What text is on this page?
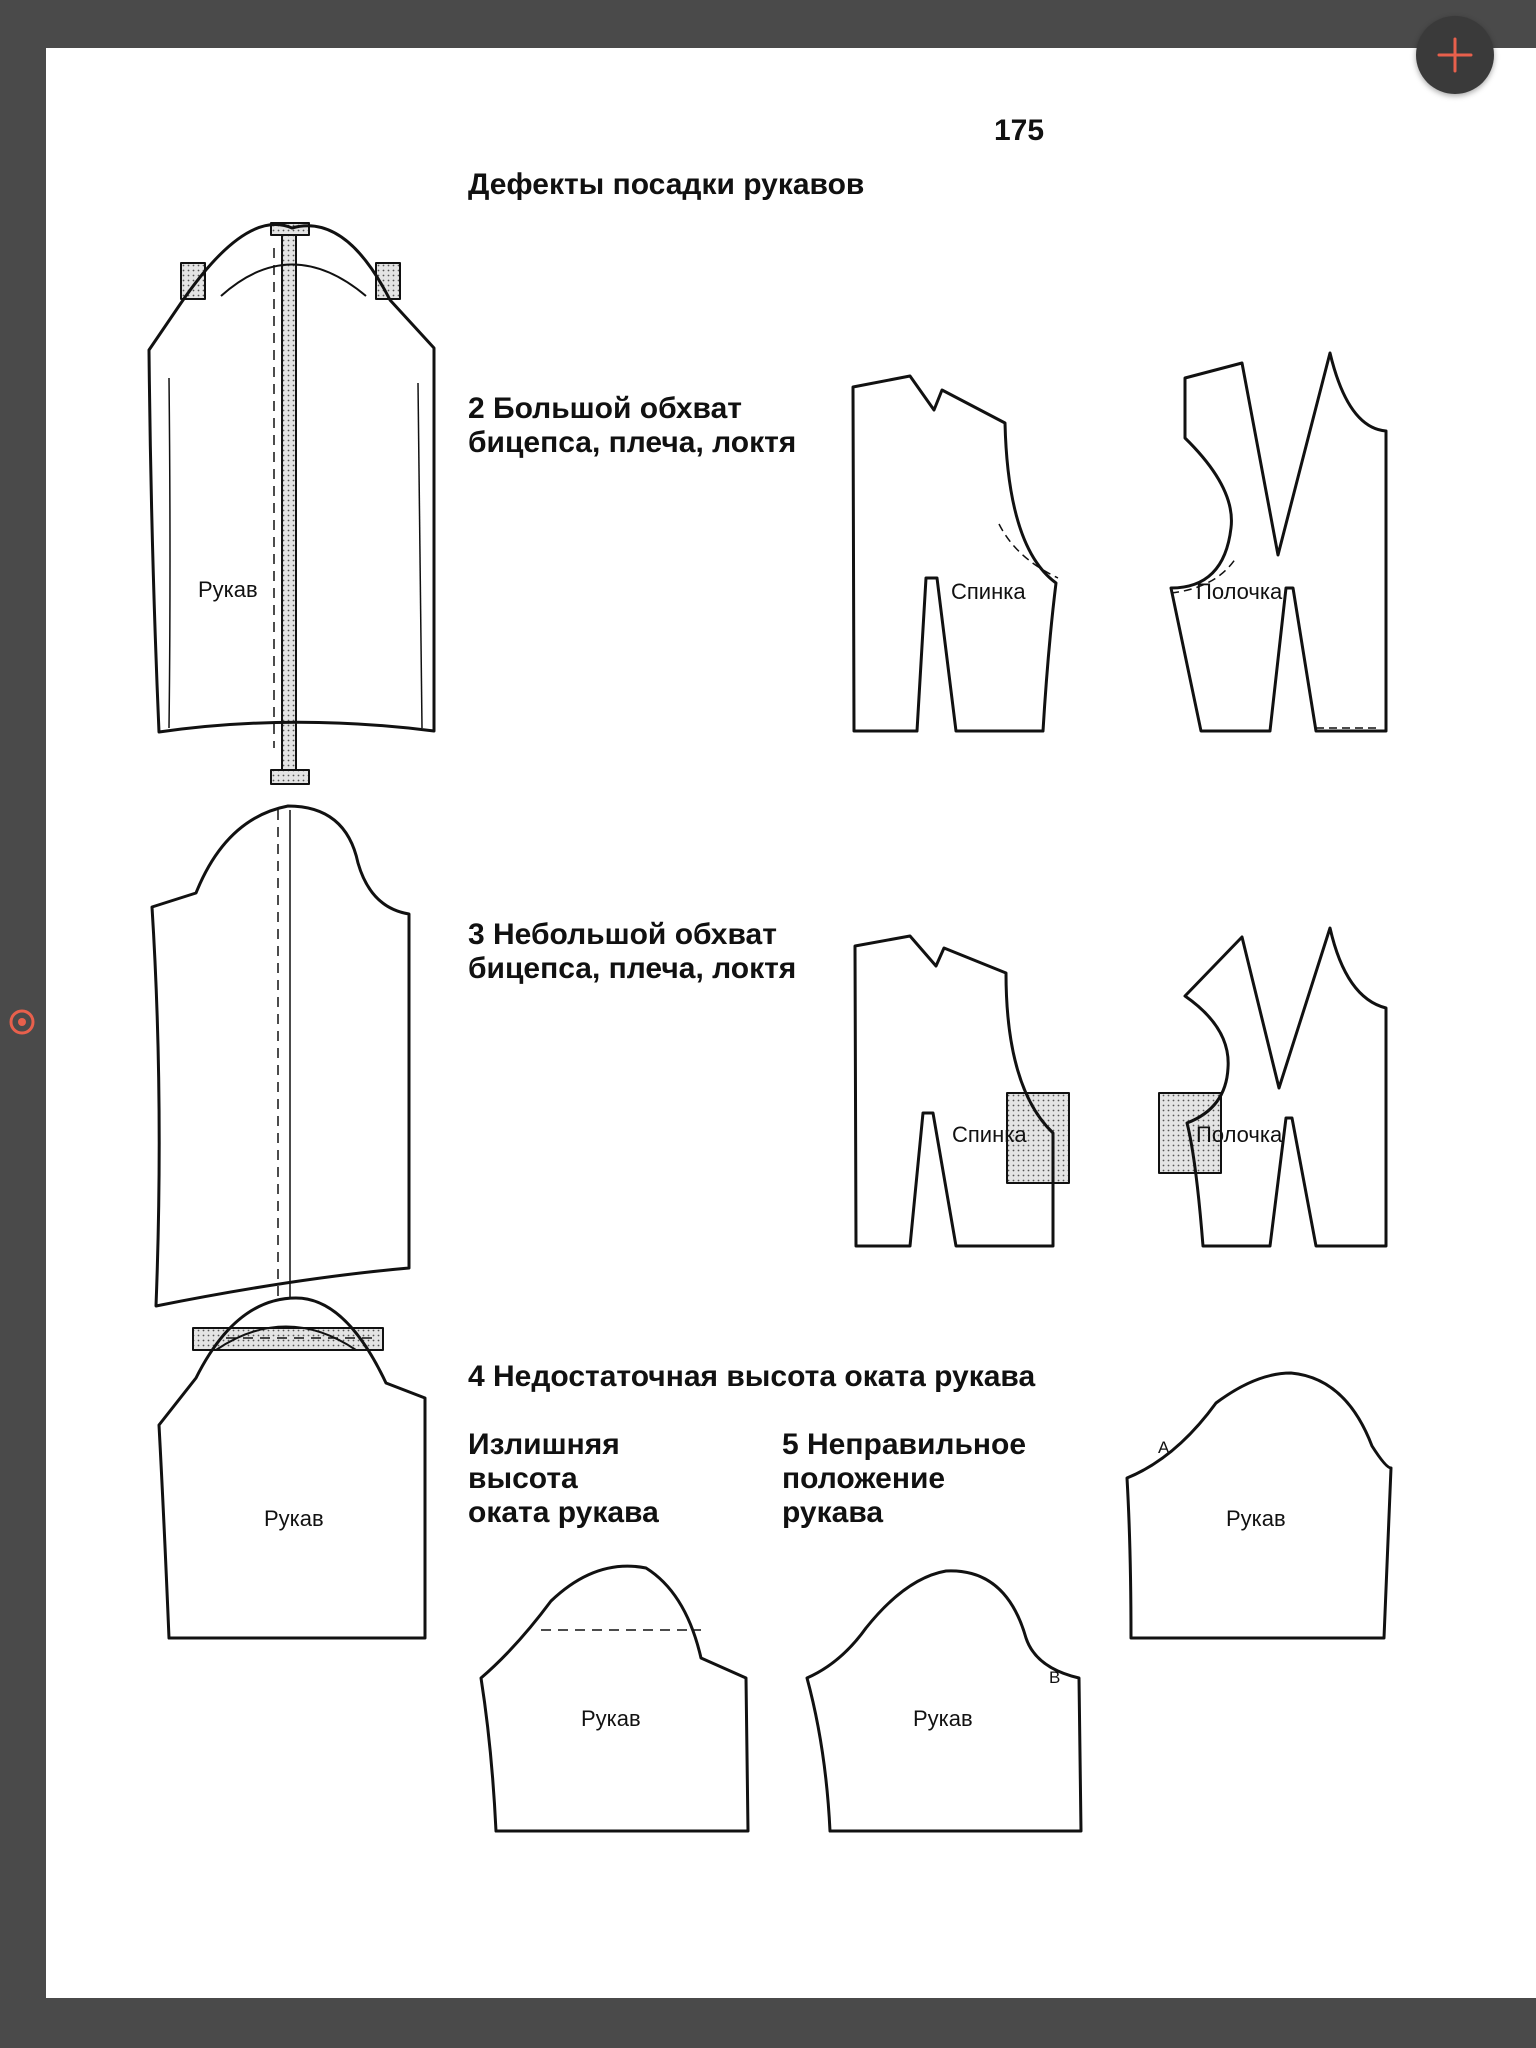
175
Дефекты посадки рукавов
2 Большой обхват
бицепса, плеча, локтя
3 Небольшой обхват
бицепса, плеча, локтя
4 Недостаточная высота оката рукава
Излишняя
высота
оката рукава
5 Неправильное
положение
рукава
Рукав	Спинка	Полочка
Спинка	Полочка
Рукав	Рукав
Рукав	Рукав
А
В
